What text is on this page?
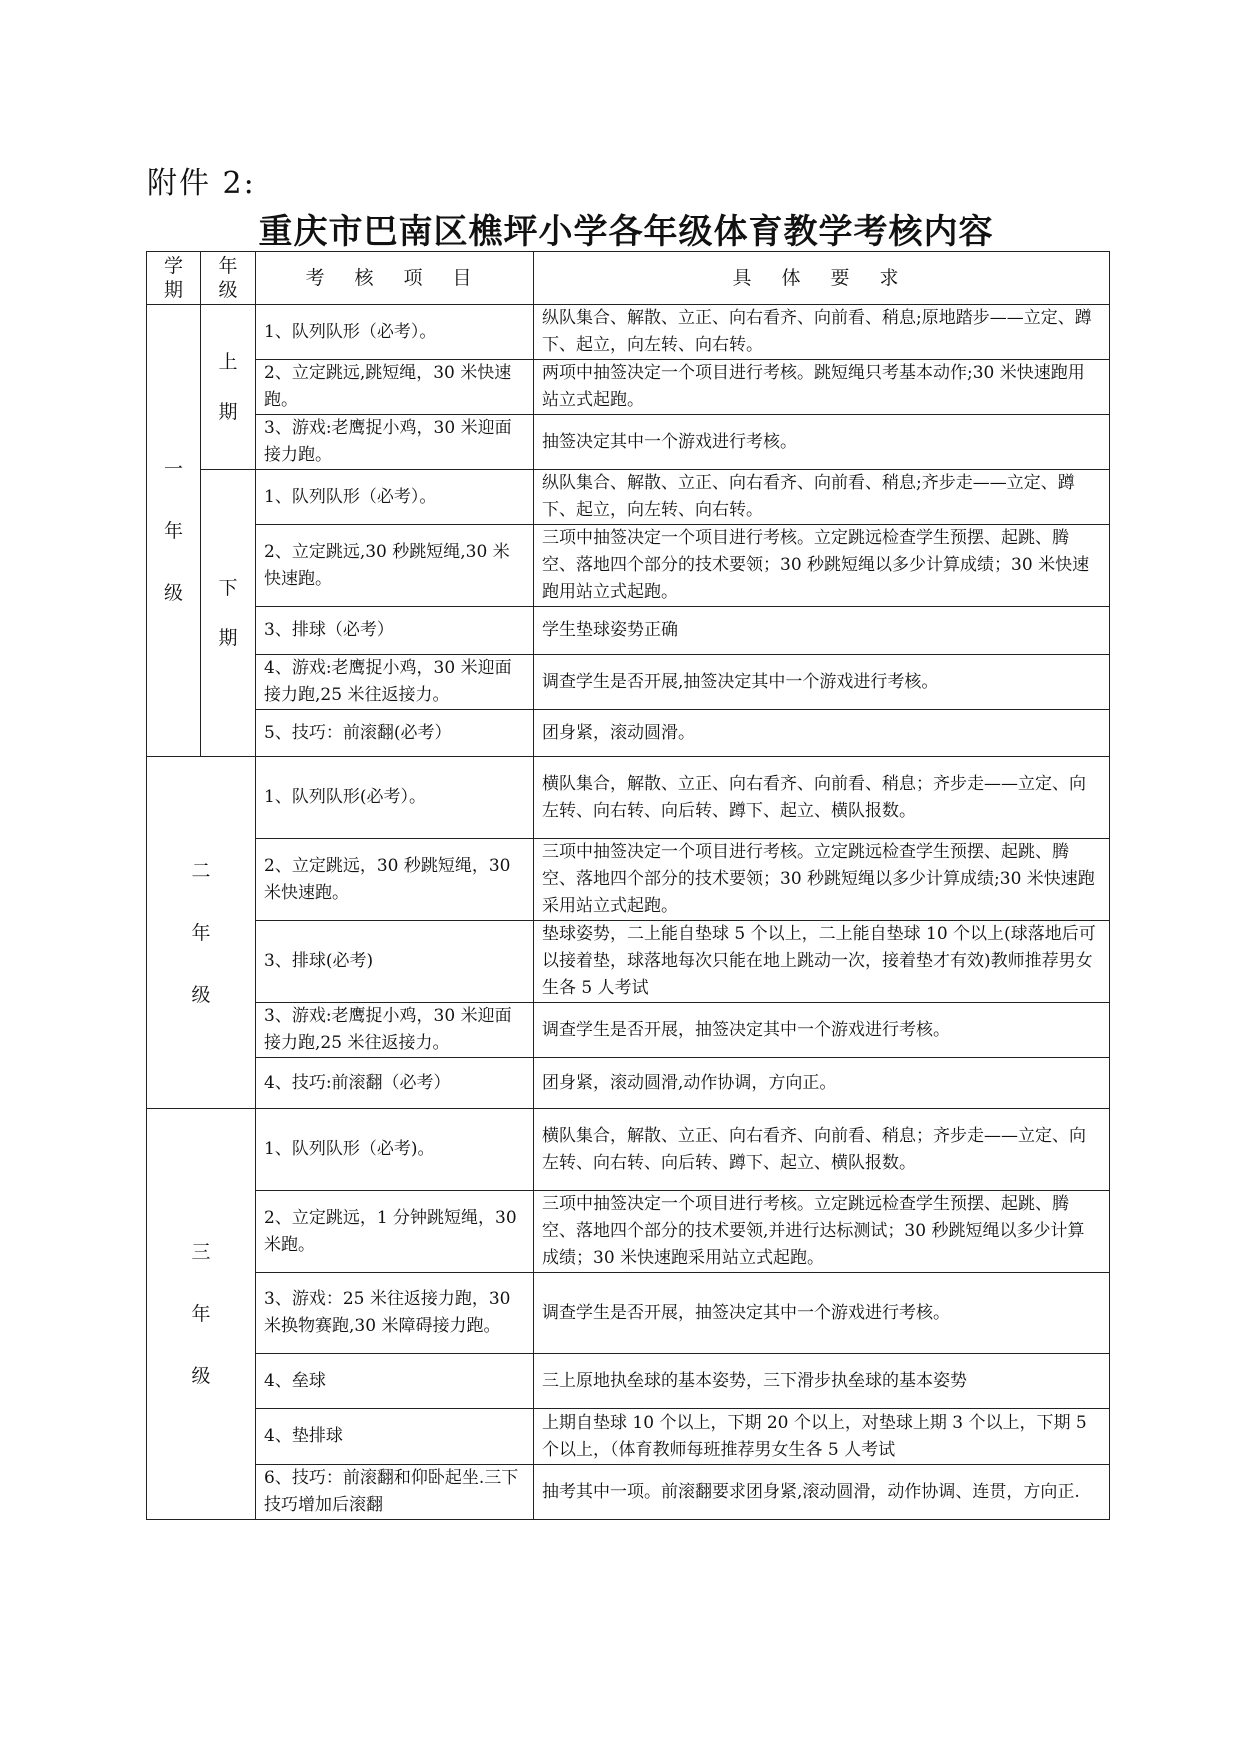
附件 2:
重庆市巴南区樵坪小学各年级体育教学考核内容
学
期	年
级	考 核 项 目	具 体 要 求

一
年
级	上
期	1、队列队形（必考）。	纵队集合、解散、立正、向右看齐、向前看、稍息;原地踏步——立定、蹲下、起立，向左转、向右转。
		2、立定跳远,跳短绳，30 米快速跑。	两项中抽签决定一个项目进行考核。跳短绳只考基本动作;30 米快速跑用站立式起跑。
		3、游戏:老鹰捉小鸡，30 米迎面接力跑。	抽签决定其中一个游戏进行考核。

	下
期	1、队列队形（必考）。	纵队集合、解散、立正、向右看齐、向前看、稍息;齐步走——立定、蹲下、起立，向左转、向右转。
		2、立定跳远,30 秒跳短绳,30 米快速跑。	三项中抽签决定一个项目进行考核。立定跳远检查学生预摆、起跳、腾空、落地四个部分的技术要领；30 秒跳短绳以多少计算成绩；30 米快速跑用站立式起跑。
		3、排球（必考）	学生垫球姿势正确
		4、游戏:老鹰捉小鸡，30 米迎面接力跑,25 米往返接力。	调查学生是否开展,抽签决定其中一个游戏进行考核。
		5、技巧：前滚翻(必考）	团身紧，滚动圆滑。

二
年
级		1、队列队形(必考）。	横队集合，解散、立正、向右看齐、向前看、稍息；齐步走——立定、向左转、向右转、向后转、蹲下、起立、横队报数。
		2、立定跳远，30 秒跳短绳，30 米快速跑。	三项中抽签决定一个项目进行考核。立定跳远检查学生预摆、起跳、腾空、落地四个部分的技术要领；30 秒跳短绳以多少计算成绩;30 米快速跑采用站立式起跑。
		3、排球(必考)	垫球姿势，二上能自垫球 5 个以上，二上能自垫球 10 个以上(球落地后可以接着垫，球落地每次只能在地上跳动一次，接着垫才有效)教师推荐男女生各 5 人考试
		3、游戏:老鹰捉小鸡，30 米迎面接力跑,25 米往返接力。	调查学生是否开展，抽签决定其中一个游戏进行考核。
		4、技巧:前滚翻（必考）	团身紧，滚动圆滑,动作协调，方向正。

三
年
级		1、队列队形（必考)。	横队集合，解散、立正、向右看齐、向前看、稍息；齐步走——立定、向左转、向右转、向后转、蹲下、起立、横队报数。
		2、立定跳远，1 分钟跳短绳，30 米跑。	三项中抽签决定一个项目进行考核。立定跳远检查学生预摆、起跳、腾空、落地四个部分的技术要领,并进行达标测试；30 秒跳短绳以多少计算成绩；30 米快速跑采用站立式起跑。
		3、游戏：25 米往返接力跑，30 米换物赛跑,30 米障碍接力跑。	调查学生是否开展，抽签决定其中一个游戏进行考核。
		4、垒球	三上原地执垒球的基本姿势，三下滑步执垒球的基本姿势
		4、垫排球	上期自垫球 10 个以上，下期 20 个以上，对垫球上期 3 个以上，下期 5 个以上，（体育教师每班推荐男女生各 5 人考试
		6、技巧：前滚翻和仰卧起坐.三下技巧增加后滚翻	抽考其中一项。前滚翻要求团身紧,滚动圆滑，动作协调、连贯，方向正.
